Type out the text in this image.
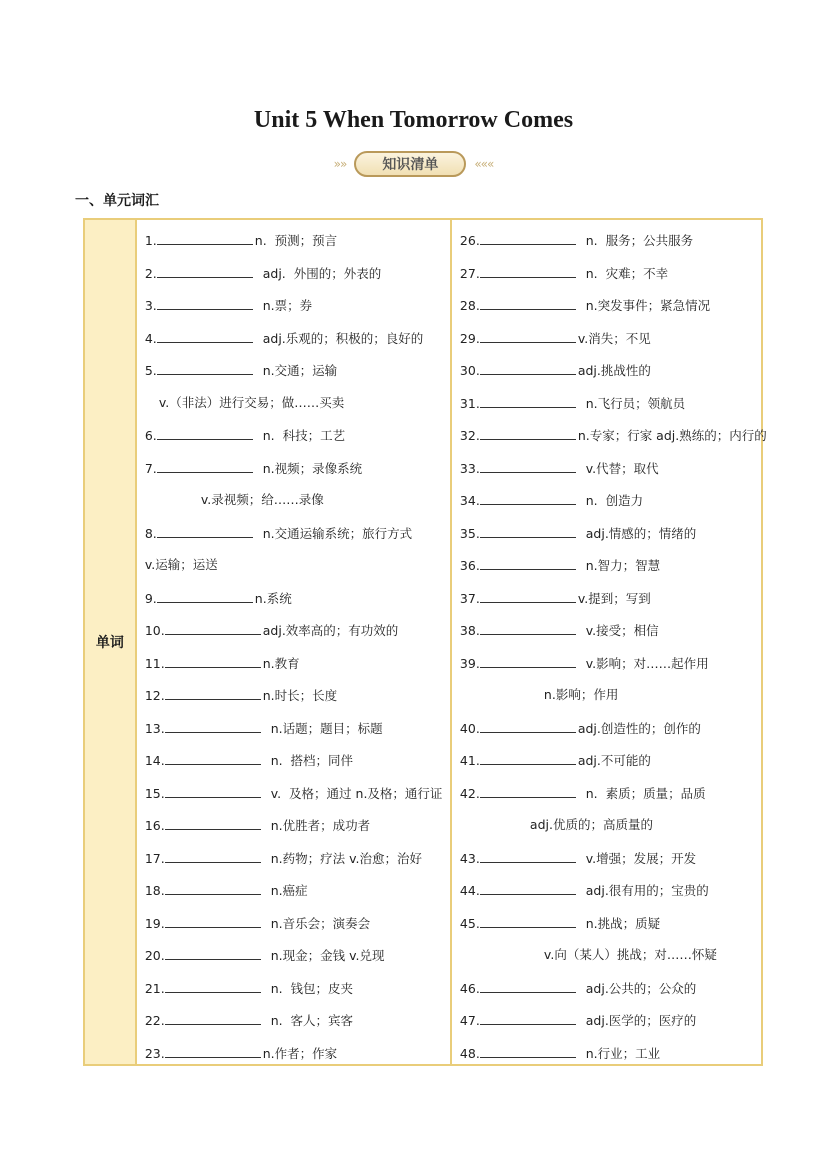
Unit 5 When Tomorrow Comes
»»	知识清单	«««
一、单元词汇
单词
1.	n.  预测；预言
2.	adj.  外围的；外表的
3.	n.票；券
4.	adj.乐观的；积极的；良好的
5.	n.交通；运输
v.（非法）进行交易；做……买卖
6.	n.  科技；工艺
7.	n.视频；录像系统
v.录视频；给……录像
8.	n.交通运输系统；旅行方式
v.运输；运送
9.	n.系统
10.	adj.效率高的；有功效的
11.	n.教育
12.	n.时长；长度
13.	n.话题；题目；标题
14.	n.  搭档；同伴
15.	v.  及格；通过 n.及格；通行证
16.	n.优胜者；成功者
17.	n.药物；疗法 v.治愈；治好
18.	n.癌症
19.	n.音乐会；演奏会
20.	n.现金；金钱 v.兑现
21.	n.  钱包；皮夹
22.	n.  客人；宾客
23.	n.作者；作家
26.	n.  服务；公共服务
27.	n.  灾难；不幸
28.	n.突发事件；紧急情况
29.	v.消失；不见
30.	adj.挑战性的
31.	n.飞行员；领航员
32.	n.专家；行家 adj.熟练的；内行的
33.	v.代替；取代
34.	n.  创造力
35.	adj.情感的；情绪的
36.	n.智力；智慧
37.	v.提到；写到
38.	v.接受；相信
39.	v.影响；对……起作用
n.影响；作用
40.	adj.创造性的；创作的
41.	adj.不可能的
42.	n.  素质；质量；品质
adj.优质的；高质量的
43.	v.增强；发展；开发
44.	adj.很有用的；宝贵的
45.	n.挑战；质疑
v.向（某人）挑战；对……怀疑
46.	adj.公共的；公众的
47.	adj.医学的；医疗的
48.	n.行业；工业
